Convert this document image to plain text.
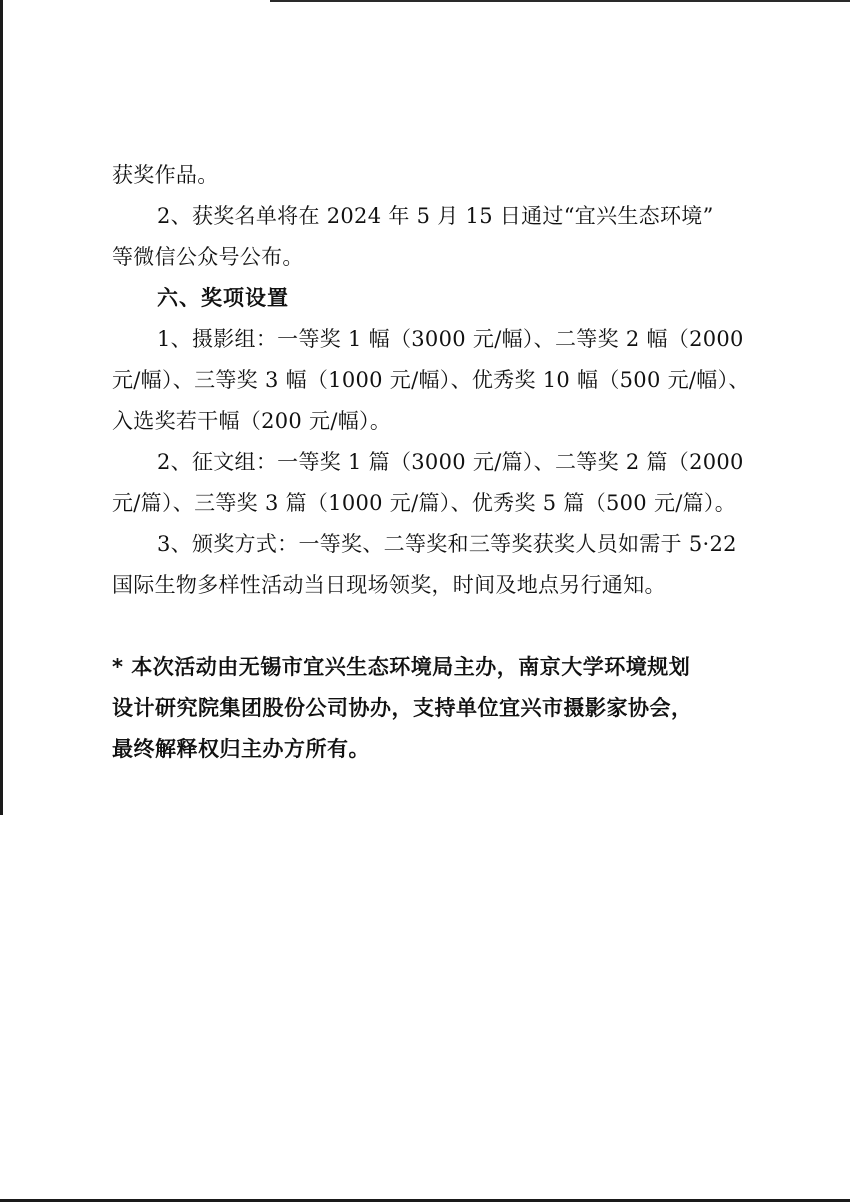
获奖作品。
2、获奖名单将在 2024 年 5 月 15 日通过“宜兴生态环境”
等微信公众号公布。
六、奖项设置
1、摄影组：一等奖 1 幅（3000 元/幅）、二等奖 2 幅（2000
元/幅）、三等奖 3 幅（1000 元/幅）、优秀奖 10 幅（500 元/幅）、
入选奖若干幅（200 元/幅）。
2、征文组：一等奖 1 篇（3000 元/篇）、二等奖 2 篇（2000
元/篇）、三等奖 3 篇（1000 元/篇）、优秀奖 5 篇（500 元/篇）。
3、颁奖方式：一等奖、二等奖和三等奖获奖人员如需于 5·22
国际生物多样性活动当日现场领奖，时间及地点另行通知。
* 本次活动由无锡市宜兴生态环境局主办，南京大学环境规划
设计研究院集团股份公司协办，支持单位宜兴市摄影家协会，
最终解释权归主办方所有。
